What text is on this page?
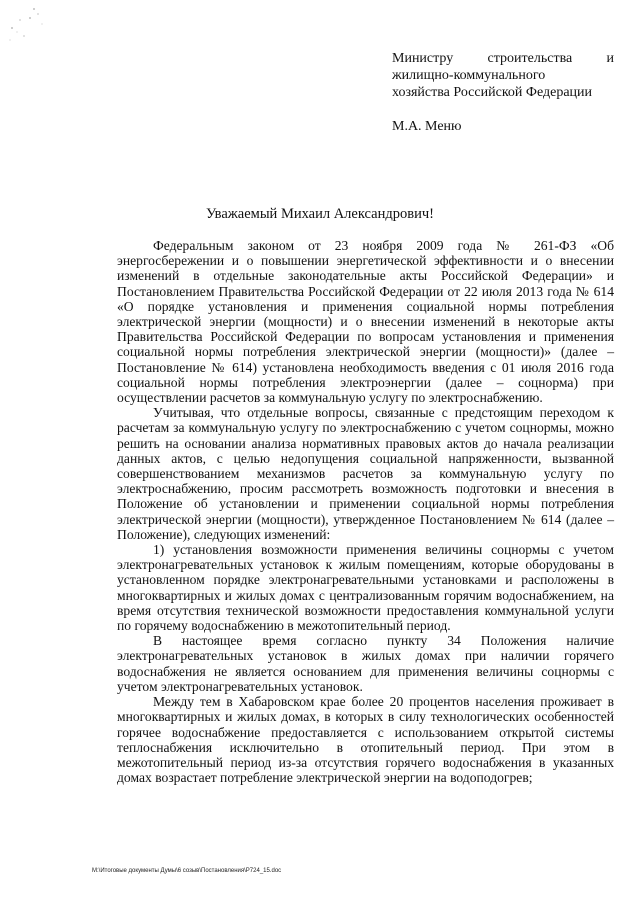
Министру строительства и
жилищно-коммунального
хозяйства Российской Федерации
М.А. Меню
Уважаемый Михаил Александрович!

Федеральным законом от 23 ноября 2009 года № 261-ФЗ «Об энергосбережении и о повышении энергетической эффективности и о внесении изменений в отдельные законодательные акты Российской Федерации» и Постановлением Правительства Российской Федерации от 22 июля 2013 года № 614 «О порядке установления и применения социальной нормы потребления электрической энергии (мощности) и о внесении изменений в некоторые акты Правительства Российской Федерации по вопросам установления и применения социальной нормы потребления электрической энергии (мощности)» (далее – Постановление № 614) установлена необходимость введения с 01 июля 2016 года социальной нормы потребления электроэнергии (далее – соцнорма) при осуществлении расчетов за коммунальную услугу по электроснабжению.

Учитывая, что отдельные вопросы, связанные с предстоящим переходом к расчетам за коммунальную услугу по электроснабжению с учетом соцнормы, можно решить на основании анализа нормативных правовых актов до начала реализации данных актов, с целью недопущения социальной напряженности, вызванной совершенствованием механизмов расчетов за коммунальную услугу по электроснабжению, просим рассмотреть возможность подготовки и внесения в Положение об установлении и применении социальной нормы потребления электрической энергии (мощности), утвержденное Постановлением № 614 (далее – Положение), следующих изменений:

1) установления возможности применения величины соцнормы с учетом электронагревательных установок к жилым помещениям, которые оборудованы в установленном порядке электронагревательными установками и расположены в многоквартирных и жилых домах с централизованным горячим водоснабжением, на время отсутствия технической возможности предоставления коммунальной услуги по горячему водоснабжению в межотопительный период.

В настоящее время согласно пункту 34 Положения наличие электронагревательных установок в жилых домах при наличии горячего водоснабжения не является основанием для применения величины соцнормы с учетом электронагревательных установок.

Между тем в Хабаровском крае более 20 процентов населения проживает в многоквартирных и жилых домах, в которых в силу технологических особенностей горячее водоснабжение предоставляется с использованием открытой системы теплоснабжения исключительно в отопительный период. При этом в межотопительный период из-за отсутствия горячего водоснабжения в указанных домах возрастает потребление электрической энергии на водоподогрев;

M:\Итоговые документы Думы\6 созыв\Постановления\Р724_15.doc
